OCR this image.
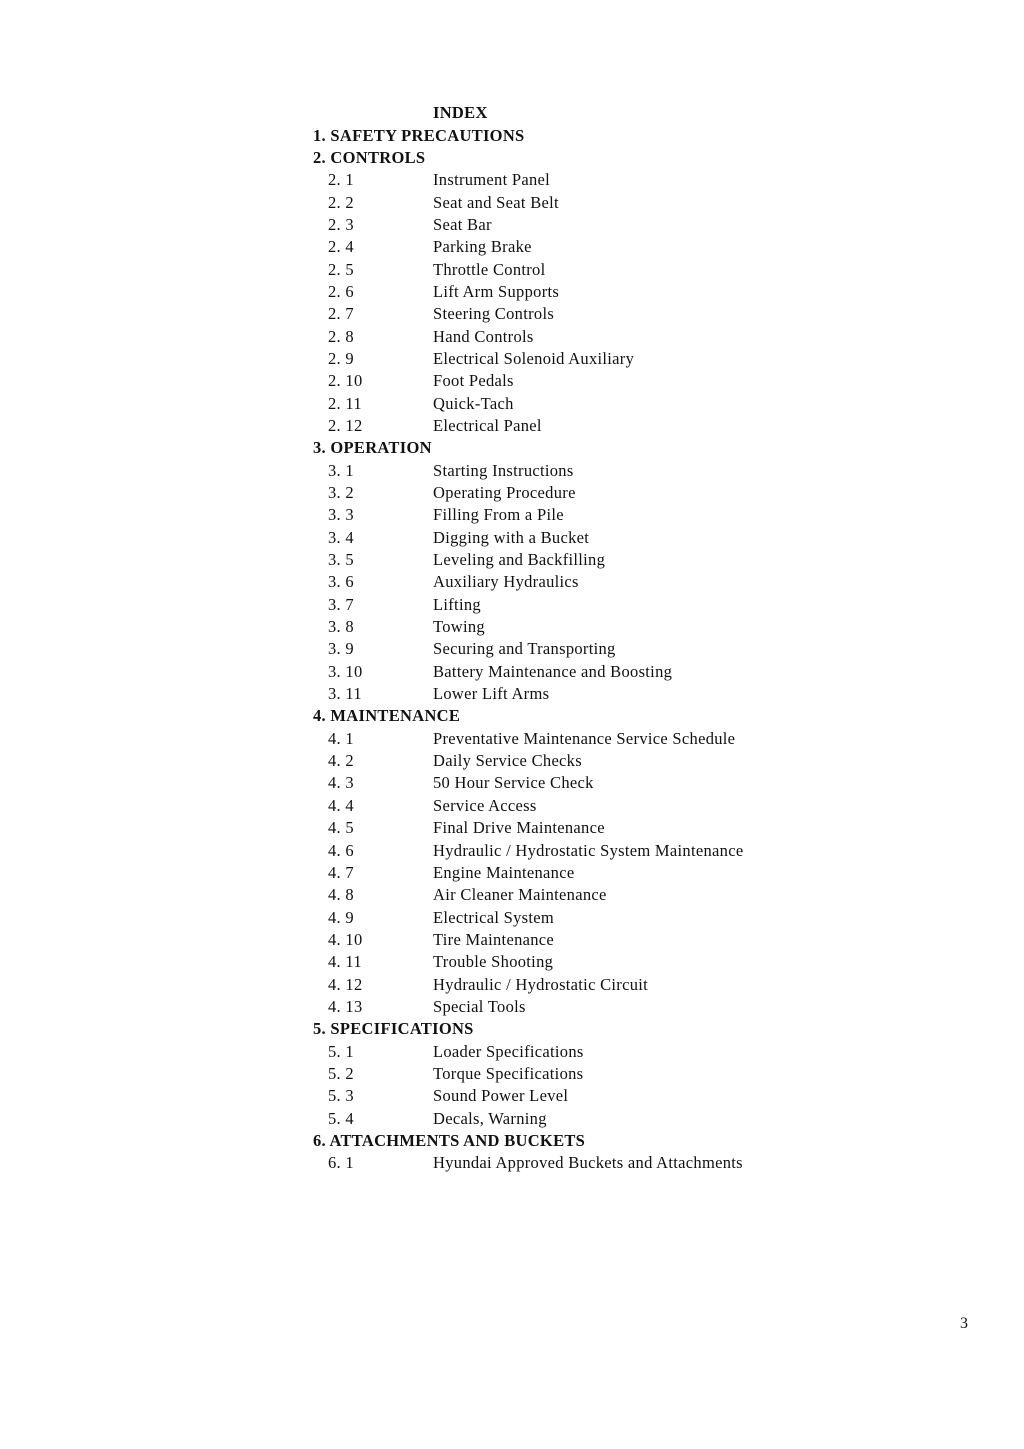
INDEX
1. SAFETY PRECAUTIONS
2. CONTROLS
2. 1	Instrument Panel
2. 2	Seat and Seat Belt
2. 3	Seat Bar
2. 4	Parking Brake
2. 5	Throttle Control
2. 6	Lift Arm Supports
2. 7	Steering Controls
2. 8	Hand Controls
2. 9	Electrical Solenoid Auxiliary
2. 10	Foot Pedals
2. 11	Quick-Tach
2. 12	Electrical Panel
3. OPERATION
3. 1	Starting Instructions
3. 2	Operating Procedure
3. 3	Filling From a Pile
3. 4	Digging with a Bucket
3. 5	Leveling and Backfilling
3. 6	Auxiliary Hydraulics
3. 7	Lifting
3. 8	Towing
3. 9	Securing and Transporting
3. 10	Battery Maintenance and Boosting
3. 11	Lower Lift Arms
4. MAINTENANCE
4. 1	Preventative Maintenance Service Schedule
4. 2	Daily Service Checks
4. 3	50 Hour Service Check
4. 4	Service Access
4. 5	Final Drive Maintenance
4. 6	Hydraulic / Hydrostatic System Maintenance
4. 7	Engine Maintenance
4. 8	Air Cleaner Maintenance
4. 9	Electrical System
4. 10	Tire Maintenance
4. 11	Trouble Shooting
4. 12	Hydraulic / Hydrostatic Circuit
4. 13	Special Tools
5. SPECIFICATIONS
5. 1	Loader Specifications
5. 2	Torque Specifications
5. 3	Sound Power Level
5. 4	Decals, Warning
6. ATTACHMENTS AND BUCKETS
6. 1	Hyundai Approved Buckets and Attachments
3
